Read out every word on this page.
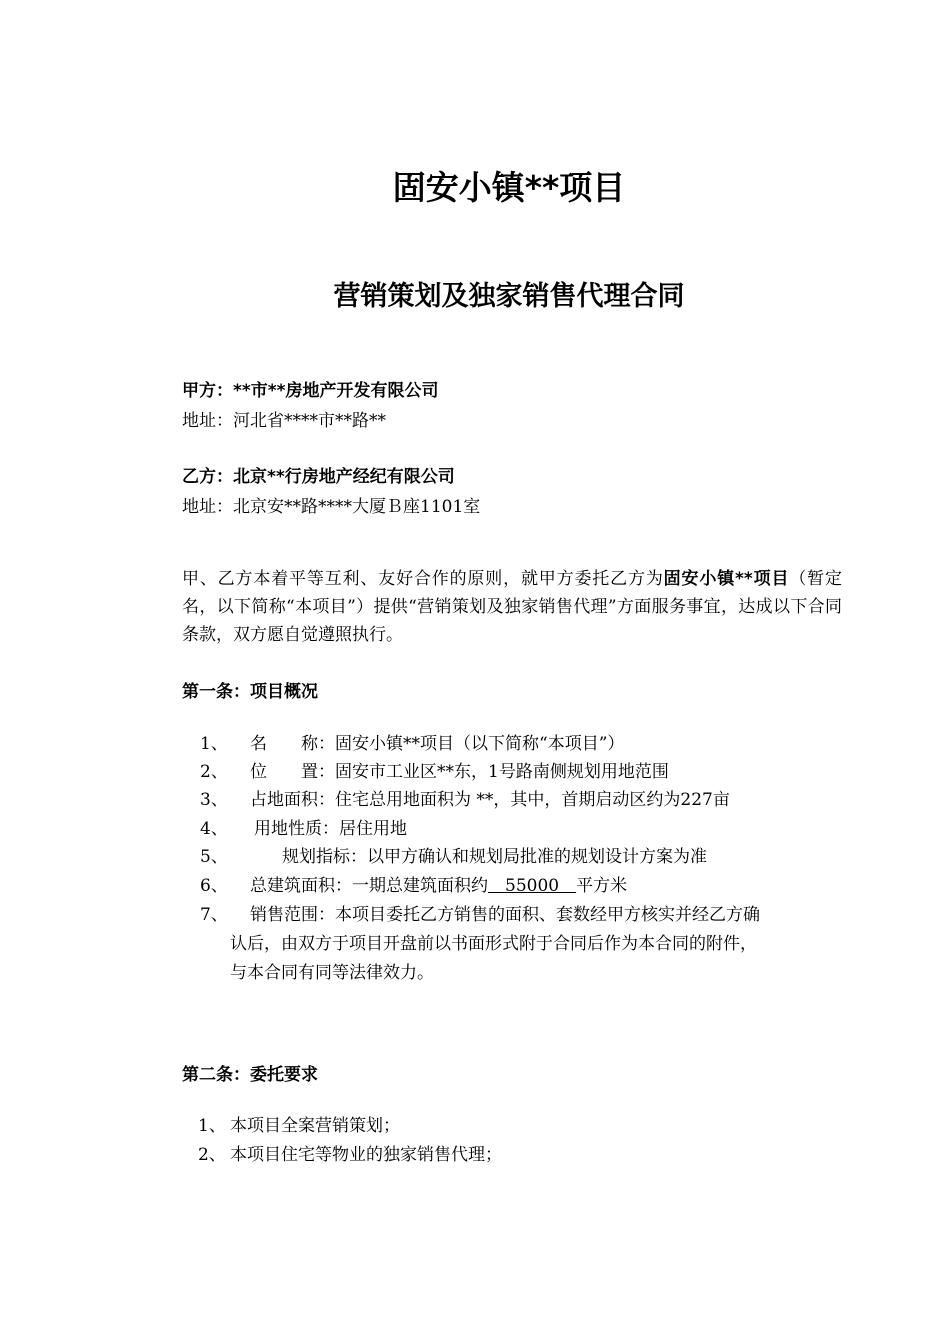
固安小镇**项目
营销策划及独家销售代理合同
甲方：**市**房地产开发有限公司
地址：河北省****市**路**
乙方：北京**行房地产经纪有限公司
地址：北京安**路****大厦Ｂ座1101室
甲、乙方本着平等互利、友好合作的原则，就甲方委托乙方为固安小镇**项目（暂定名，以下简称“本项目”）提供“营销策划及独家销售代理”方面服务事宜，达成以下合同条款，双方愿自觉遵照执行。
第一条：项目概况
1、 名　　称：固安小镇**项目（以下简称“本项目”）
2、 位　　置：固安市工业区**东，1号路南侧规划用地范围
3、 占地面积：住宅总用地面积为 **，其中，首期启动区约为227亩
4、 用地性质：居住用地
5、	规划指标：以甲方确认和规划局批准的规划设计方案为准
6、 总建筑面积：一期总建筑面积约　55000　平方米
7、 销售范围：本项目委托乙方销售的面积、套数经甲方核实并经乙方确
认后，由双方于项目开盘前以书面形式附于合同后作为本合同的附件，
与本合同有同等法律效力。
第二条：委托要求
1、 本项目全案营销策划；
2、 本项目住宅等物业的独家销售代理；
